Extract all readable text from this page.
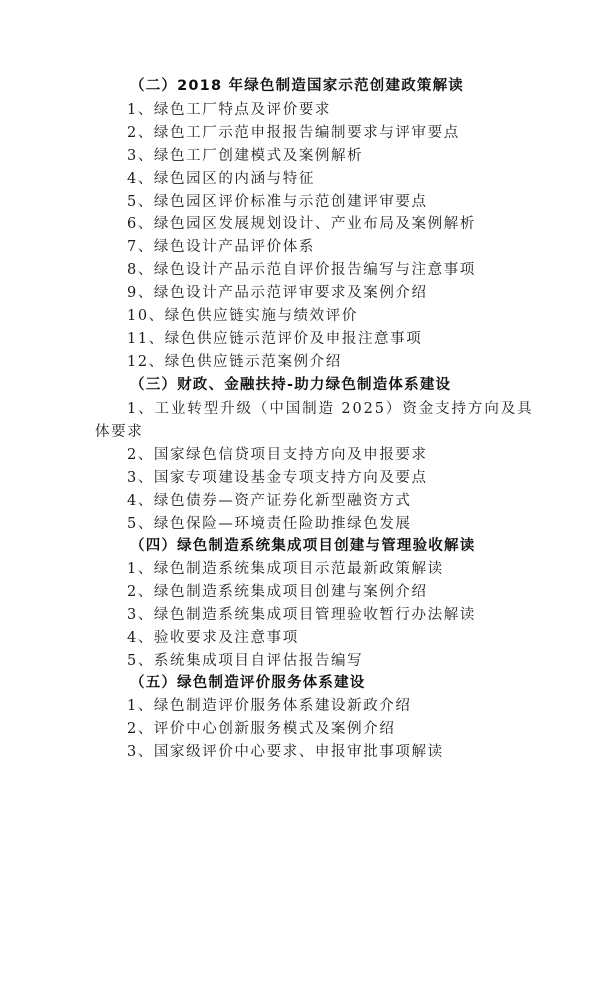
（二）2018 年绿色制造国家示范创建政策解读
1、绿色工厂特点及评价要求
2、绿色工厂示范申报报告编制要求与评审要点
3、绿色工厂创建模式及案例解析
4、绿色园区的内涵与特征
5、绿色园区评价标准与示范创建评审要点
6、绿色园区发展规划设计、产业布局及案例解析
7、绿色设计产品评价体系
8、绿色设计产品示范自评价报告编写与注意事项
9、绿色设计产品示范评审要求及案例介绍
10、绿色供应链实施与绩效评价
11、绿色供应链示范评价及申报注意事项
12、绿色供应链示范案例介绍
（三）财政、金融扶持-助力绿色制造体系建设
1、工业转型升级（中国制造 2025）资金支持方向及具
体要求
2、国家绿色信贷项目支持方向及申报要求
3、国家专项建设基金专项支持方向及要点
4、绿色债券—资产证券化新型融资方式
5、绿色保险—环境责任险助推绿色发展
（四）绿色制造系统集成项目创建与管理验收解读
1、绿色制造系统集成项目示范最新政策解读
2、绿色制造系统集成项目创建与案例介绍
3、绿色制造系统集成项目管理验收暂行办法解读
4、验收要求及注意事项
5、系统集成项目自评估报告编写
（五）绿色制造评价服务体系建设
1、绿色制造评价服务体系建设新政介绍
2、评价中心创新服务模式及案例介绍
3、国家级评价中心要求、申报审批事项解读
